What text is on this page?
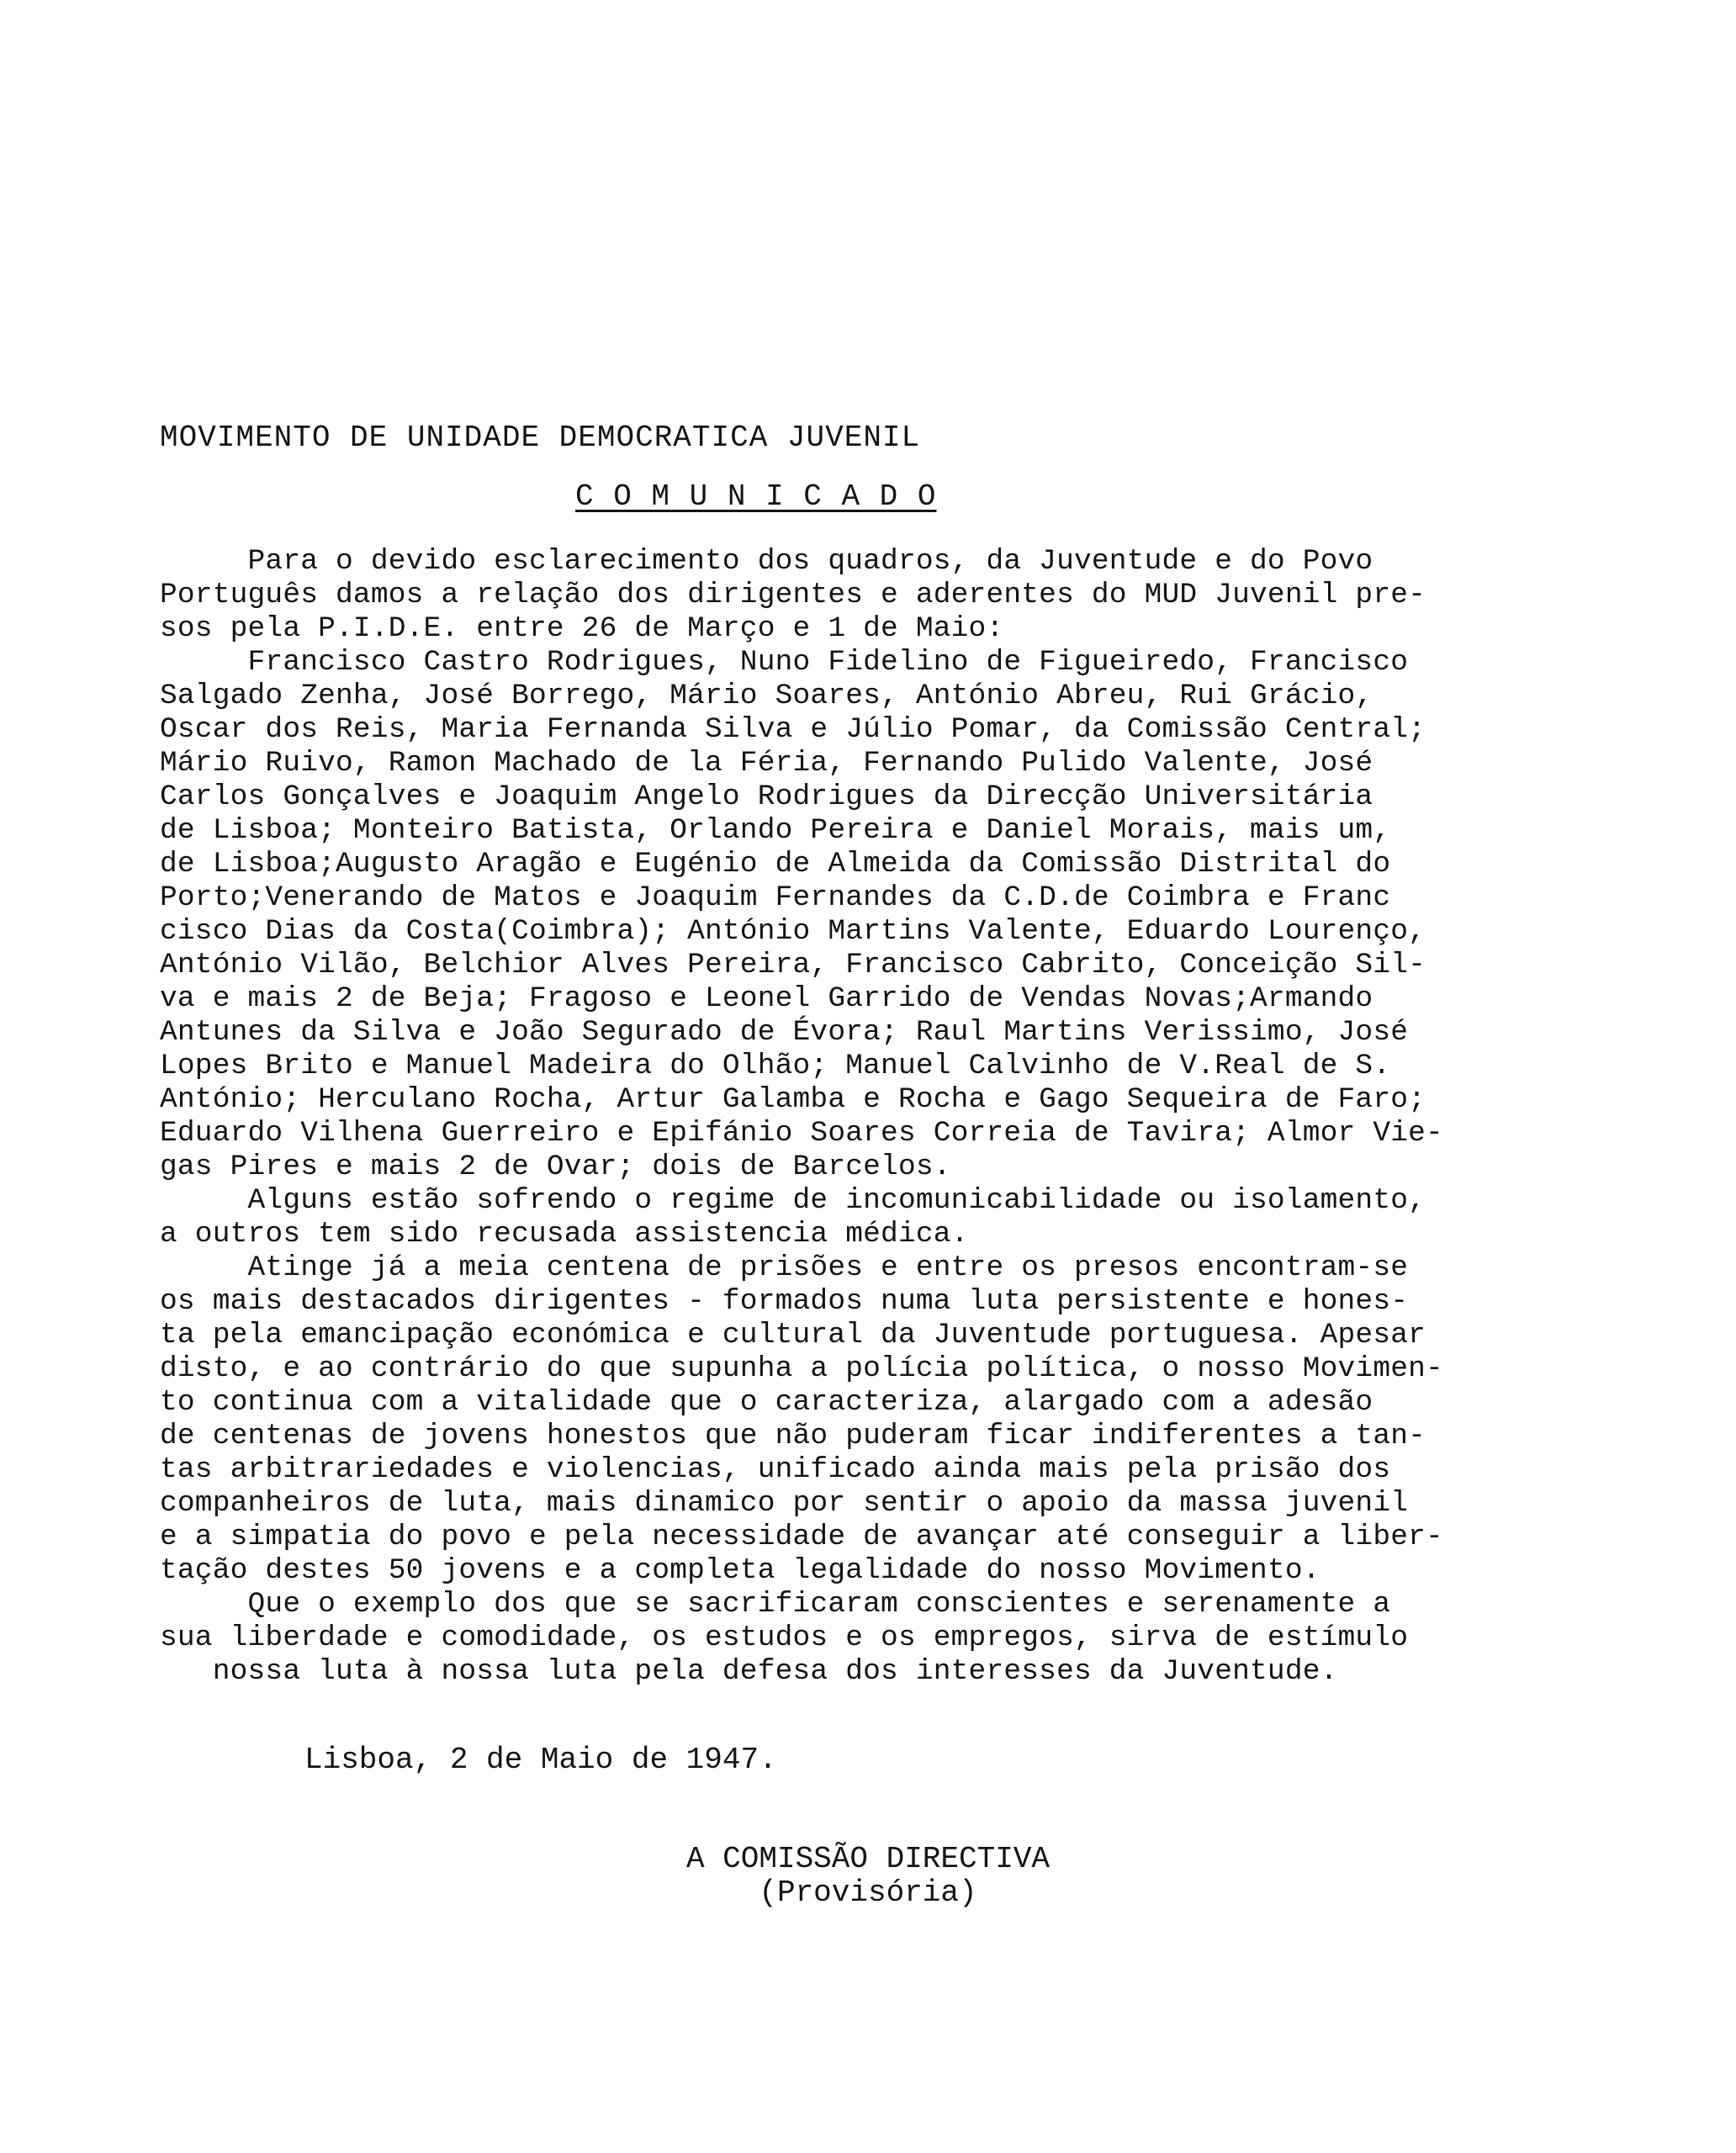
MOVIMENTO DE UNIDADE DEMOCRATICA JUVENIL
C O M U N I C A D O
Para o devido esclarecimento dos quadros, da Juventude e do Povo
Português damos a relação dos dirigentes e aderentes do MUD Juvenil pre-
sos pela P.I.D.E. entre 26 de Março e 1 de Maio:
Francisco Castro Rodrigues, Nuno Fidelino de Figueiredo, Francisco
Salgado Zenha, José Borrego, Mário Soares, António Abreu, Rui Grácio,
Oscar dos Reis, Maria Fernanda Silva e Júlio Pomar, da Comissão Central;
Mário Ruivo, Ramon Machado de la Féria, Fernando Pulido Valente, José
Carlos Gonçalves e Joaquim Angelo Rodrigues da Direcção Universitária
de Lisboa; Monteiro Batista, Orlando Pereira e Daniel Morais, mais um,
de Lisboa;Augusto Aragão e Eugénio de Almeida da Comissão Distrital do
Porto;Venerando de Matos e Joaquim Fernandes da C.D.de Coimbra e Franc
cisco Dias da Costa(Coimbra); António Martins Valente, Eduardo Lourenço,
António Vilão, Belchior Alves Pereira, Francisco Cabrito, Conceição Sil-
va e mais 2 de Beja; Fragoso e Leonel Garrido de Vendas Novas;Armando
Antunes da Silva e João Segurado de Évora; Raul Martins Verissimo, José
Lopes Brito e Manuel Madeira do Olhão; Manuel Calvinho de V.Real de S.
António; Herculano Rocha, Artur Galamba e Rocha e Gago Sequeira de Faro;
Eduardo Vilhena Guerreiro e Epifánio Soares Correia de Tavira; Almor Vie-
gas Pires e mais 2 de Ovar; dois de Barcelos.
Alguns estão sofrendo o regime de incomunicabilidade ou isolamento,
a outros tem sido recusada assistencia médica.
Atinge já a meia centena de prisões e entre os presos encontram-se
os mais destacados dirigentes - formados numa luta persistente e hones-
ta pela emancipação económica e cultural da Juventude portuguesa. Apesar
disto, e ao contrário do que supunha a polícia política, o nosso Movimen-
to continua com a vitalidade que o caracteriza, alargado com a adesão
de centenas de jovens honestos que não puderam ficar indiferentes a tan-
tas arbitrariedades e violencias, unificado ainda mais pela prisão dos
companheiros de luta, mais dinamico por sentir o apoio da massa juvenil
e a simpatia do povo e pela necessidade de avançar até conseguir a liber-
tação destes 50 jovens e a completa legalidade do nosso Movimento.
Que o exemplo dos que se sacrificaram conscientes e serenamente a
sua liberdade e comodidade, os estudos e os empregos, sirva de estímulo
nossa luta à nossa luta pela defesa dos interesses da Juventude.
Lisboa, 2 de Maio de 1947.
A COMISSÃO DIRECTIVA
(Provisória)
